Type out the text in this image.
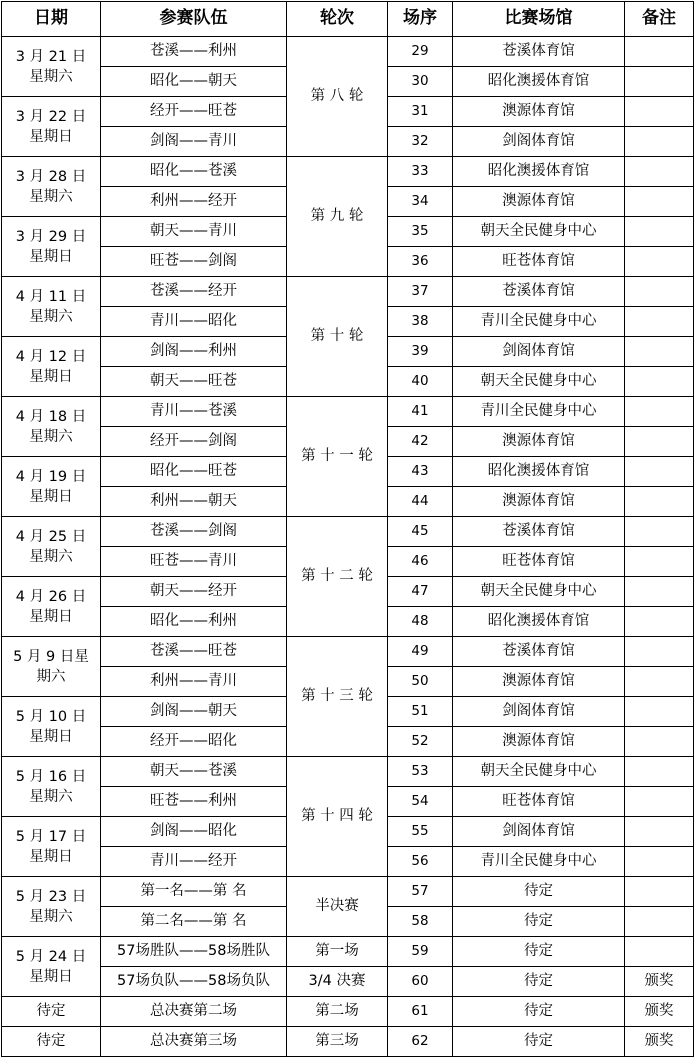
日期	参赛队伍	轮次	场序	比赛场馆	备注

3 月 21 日
星期六	苍溪——利州	第 八 轮	29	苍溪体育馆	
	昭化——朝天		30	昭化澳援体育馆	

3 月 22 日
星期日	经开——旺苍		31	澳源体育馆	
	剑阁——青川		32	剑阁体育馆	

3 月 28 日
星期六	昭化——苍溪	第 九 轮	33	昭化澳援体育馆	
	利州——经开		34	澳源体育馆	

3 月 29 日
星期日	朝天——青川		35	朝天全民健身中心	
	旺苍——剑阁		36	旺苍体育馆	

4 月 11 日
星期六	苍溪——经开	第 十 轮	37	苍溪体育馆	
	青川——昭化		38	青川全民健身中心	

4 月 12 日
星期日	剑阁——利州		39	剑阁体育馆	
	朝天——旺苍		40	朝天全民健身中心	

4 月 18 日
星期六	青川——苍溪	第 十 一 轮	41	青川全民健身中心	
	经开——剑阁		42	澳源体育馆	

4 月 19 日
星期日	昭化——旺苍		43	昭化澳援体育馆	
	利州——朝天		44	澳源体育馆	

4 月 25 日
星期六	苍溪——剑阁	第 十 二 轮	45	苍溪体育馆	
	旺苍——青川		46	旺苍体育馆	

4 月 26 日
星期日	朝天——经开		47	朝天全民健身中心	
	昭化——利州		48	昭化澳援体育馆	

5 月 9 日星
期六	苍溪——旺苍	第 十 三 轮	49	苍溪体育馆	
	利州——青川		50	澳源体育馆	

5 月 10 日
星期日	剑阁——朝天		51	剑阁体育馆	
	经开——昭化		52	澳源体育馆	

5 月 16 日
星期六	朝天——苍溪	第 十 四 轮	53	朝天全民健身中心	
	旺苍——利州		54	旺苍体育馆	

5 月 17 日
星期日	剑阁——昭化		55	剑阁体育馆	
	青川——经开		56	青川全民健身中心	

5 月 23 日
星期六	第一名——第 名	半决赛	57	待定	
	第二名——第 名		58	待定	

5 月 24 日
星期日	57场胜队——58场胜队	第一场	59	待定	
	57场负队——58场负队	3/4 决赛	60	待定	颁奖
待定	总决赛第二场	第二场	61	待定	颁奖
待定	总决赛第三场	第三场	62	待定	颁奖
